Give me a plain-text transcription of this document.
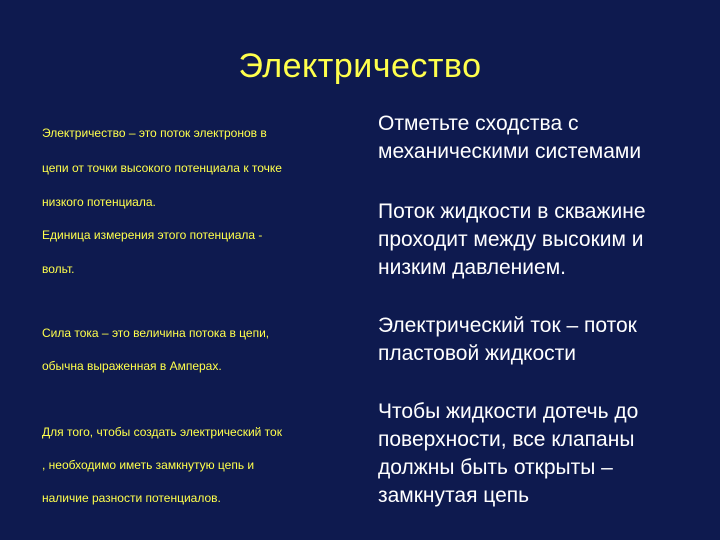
Электричество
Электричество – это поток электронов в
цепи от точки высокого потенциала к точке
низкого потенциала.
Единица измерения этого потенциала -
вольт.
Сила тока – это величина потока в цепи,
обычна выраженная в Амперах.
Для того, чтобы создать электрический ток
, необходимо иметь замкнутую цепь и
наличие разности потенциалов.
Отметьте сходства с
механическими системами
Поток жидкости в скважине
проходит между высоким и
низким давлением.
Электрический ток – поток
пластовой жидкости
Чтобы жидкости дотечь до
поверхности, все клапаны
должны быть открыты –
замкнутая цепь
